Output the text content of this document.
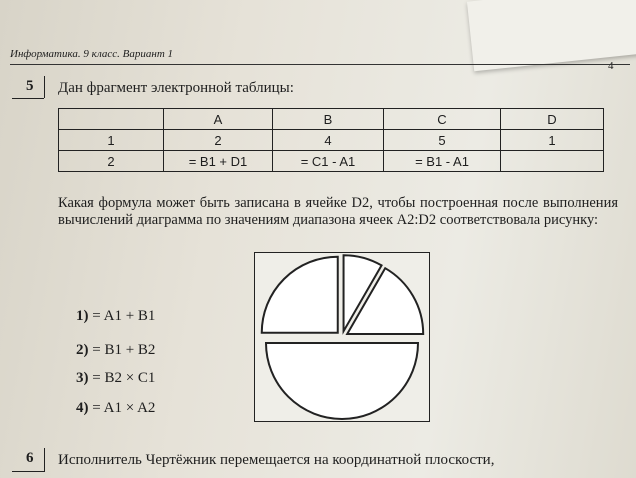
Информатика. 9 класс. Вариант 1
4
5 Дан фрагмент электронной таблицы:
	A	B	C	D
1	2	4	5	1
2	= B1 + D1	= C1 - A1	= B1 - A1	
Какая формула может быть записана в ячейке D2, чтобы построенная после выполнения вычислений диаграмма по значениям диапазона ячеек A2:D2 соответствовала рисунку:
1) = A1 + B1
2) = B1 + B2
3) = B2 × C1
4) = A1 × A2
6 Исполнитель Чертёжник перемещается на координатной плоскости,
